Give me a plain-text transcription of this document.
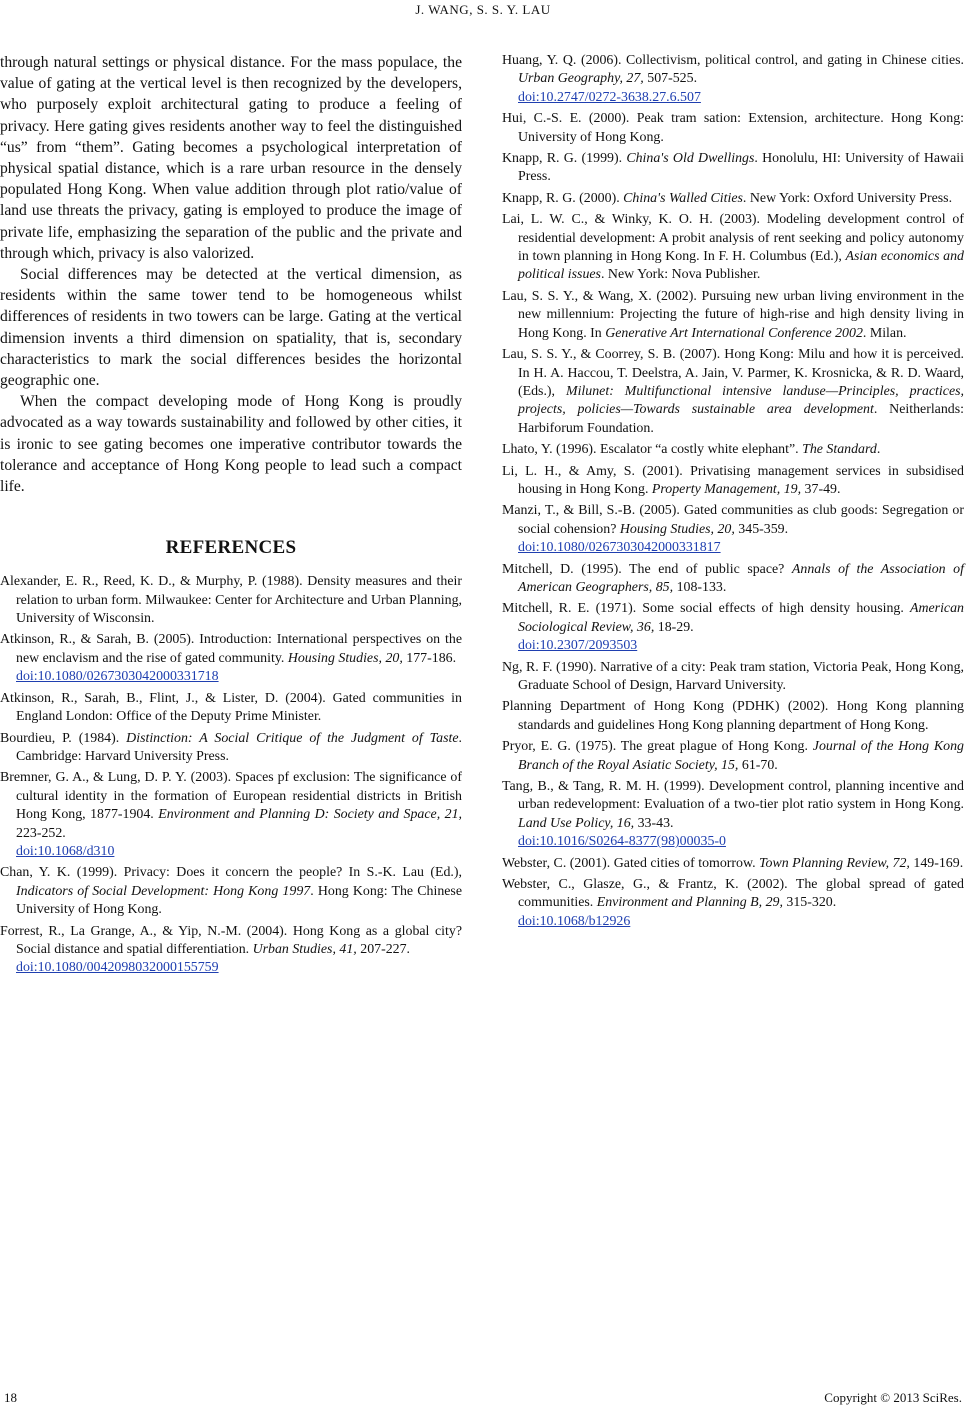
J. WANG, S. S. Y. LAU

through natural settings or physical distance. For the mass populace, the value of gating at the vertical level is then recognized by the developers, who purposely exploit architectural gating to produce a feeling of privacy. Here gating gives residents another way to feel the distinguished “us” from “them”. Gating becomes a psychological interpretation of physical spatial distance, which is a rare urban resource in the densely populated Hong Kong. When value addition through plot ratio/value of land use threats the privacy, gating is employed to produce the image of private life, emphasizing the separation of the public and the private and through which, privacy is also valorized.

Social differences may be detected at the vertical dimension, as residents within the same tower tend to be homogeneous whilst differences of residents in two towers can be large. Gating at the vertical dimension invents a third dimension on spatiality, that is, secondary characteristics to mark the social differences besides the horizontal geographic one.

When the compact developing mode of Hong Kong is proudly advocated as a way towards sustainability and followed by other cities, it is ironic to see gating becomes one imperative contributor towards the tolerance and acceptance of Hong Kong people to lead such a compact life.

REFERENCES

Alexander, E. R., Reed, K. D., & Murphy, P. (1988). Density measures and their relation to urban form. Milwaukee: Center for Architecture and Urban Planning, University of Wisconsin.

Atkinson, R., & Sarah, B. (2005). Introduction: International perspectives on the new enclavism and the rise of gated community. Housing Studies, 20, 177-186.
doi:10.1080/0267303042000331718

Atkinson, R., Sarah, B., Flint, J., & Lister, D. (2004). Gated communities in England London: Office of the Deputy Prime Minister.

Bourdieu, P. (1984). Distinction: A Social Critique of the Judgment of Taste. Cambridge: Harvard University Press.

Bremner, G. A., & Lung, D. P. Y. (2003). Spaces pf exclusion: The significance of cultural identity in the formation of European residential districts in British Hong Kong, 1877-1904. Environment and Planning D: Society and Space, 21, 223-252.
doi:10.1068/d310

Chan, Y. K. (1999). Privacy: Does it concern the people? In S.-K. Lau (Ed.), Indicators of Social Development: Hong Kong 1997. Hong Kong: The Chinese University of Hong Kong.

Forrest, R., La Grange, A., & Yip, N.-M. (2004). Hong Kong as a global city? Social distance and spatial differentiation. Urban Studies, 41, 207-227.
doi:10.1080/0042098032000155759

Huang, Y. Q. (2006). Collectivism, political control, and gating in Chinese cities. Urban Geography, 27, 507-525.
doi:10.2747/0272-3638.27.6.507

Hui, C.-S. E. (2000). Peak tram sation: Extension, architecture. Hong Kong: University of Hong Kong.

Knapp, R. G. (1999). China's Old Dwellings. Honolulu, HI: University of Hawaii Press.

Knapp, R. G. (2000). China's Walled Cities. New York: Oxford University Press.

Lai, L. W. C., & Winky, K. O. H. (2003). Modeling development control of residential development: A probit analysis of rent seeking and policy autonomy in town planning in Hong Kong. In F. H. Columbus (Ed.), Asian economics and political issues. New York: Nova Publisher.

Lau, S. S. Y., & Wang, X. (2002). Pursuing new urban living environment in the new millennium: Projecting the future of high-rise and high density living in Hong Kong. In Generative Art International Conference 2002. Milan.

Lau, S. S. Y., & Coorrey, S. B. (2007). Hong Kong: Milu and how it is perceived. In H. A. Haccou, T. Deelstra, A. Jain, V. Parmer, K. Krosnicka, & R. D. Waard, (Eds.), Milunet: Multifunctional intensive landuse—Principles, practices, projects, policies—Towards sustainable area development. Neitherlands: Harbiforum Foundation.

Lhato, Y. (1996). Escalator “a costly white elephant”. The Standard.

Li, L. H., & Amy, S. (2001). Privatising management services in subsidised housing in Hong Kong. Property Management, 19, 37-49.

Manzi, T., & Bill, S.-B. (2005). Gated communities as club goods: Segregation or social cohension? Housing Studies, 20, 345-359.
doi:10.1080/0267303042000331817

Mitchell, D. (1995). The end of public space? Annals of the Association of American Geographers, 85, 108-133.

Mitchell, R. E. (1971). Some social effects of high density housing. American Sociological Review, 36, 18-29.
doi:10.2307/2093503

Ng, R. F. (1990). Narrative of a city: Peak tram station, Victoria Peak, Hong Kong, Graduate School of Design, Harvard University.

Planning Department of Hong Kong (PDHK) (2002). Hong Kong planning standards and guidelines Hong Kong planning department of Hong Kong.

Pryor, E. G. (1975). The great plague of Hong Kong. Journal of the Hong Kong Branch of the Royal Asiatic Society, 15, 61-70.

Tang, B., & Tang, R. M. H. (1999). Development control, planning incentive and urban redevelopment: Evaluation of a two-tier plot ratio system in Hong Kong. Land Use Policy, 16, 33-43.
doi:10.1016/S0264-8377(98)00035-0

Webster, C. (2001). Gated cities of tomorrow. Town Planning Review, 72, 149-169.

Webster, C., Glasze, G., & Frantz, K. (2002). The global spread of gated communities. Environment and Planning B, 29, 315-320.
doi:10.1068/b12926

18	Copyright © 2013 SciRes.
